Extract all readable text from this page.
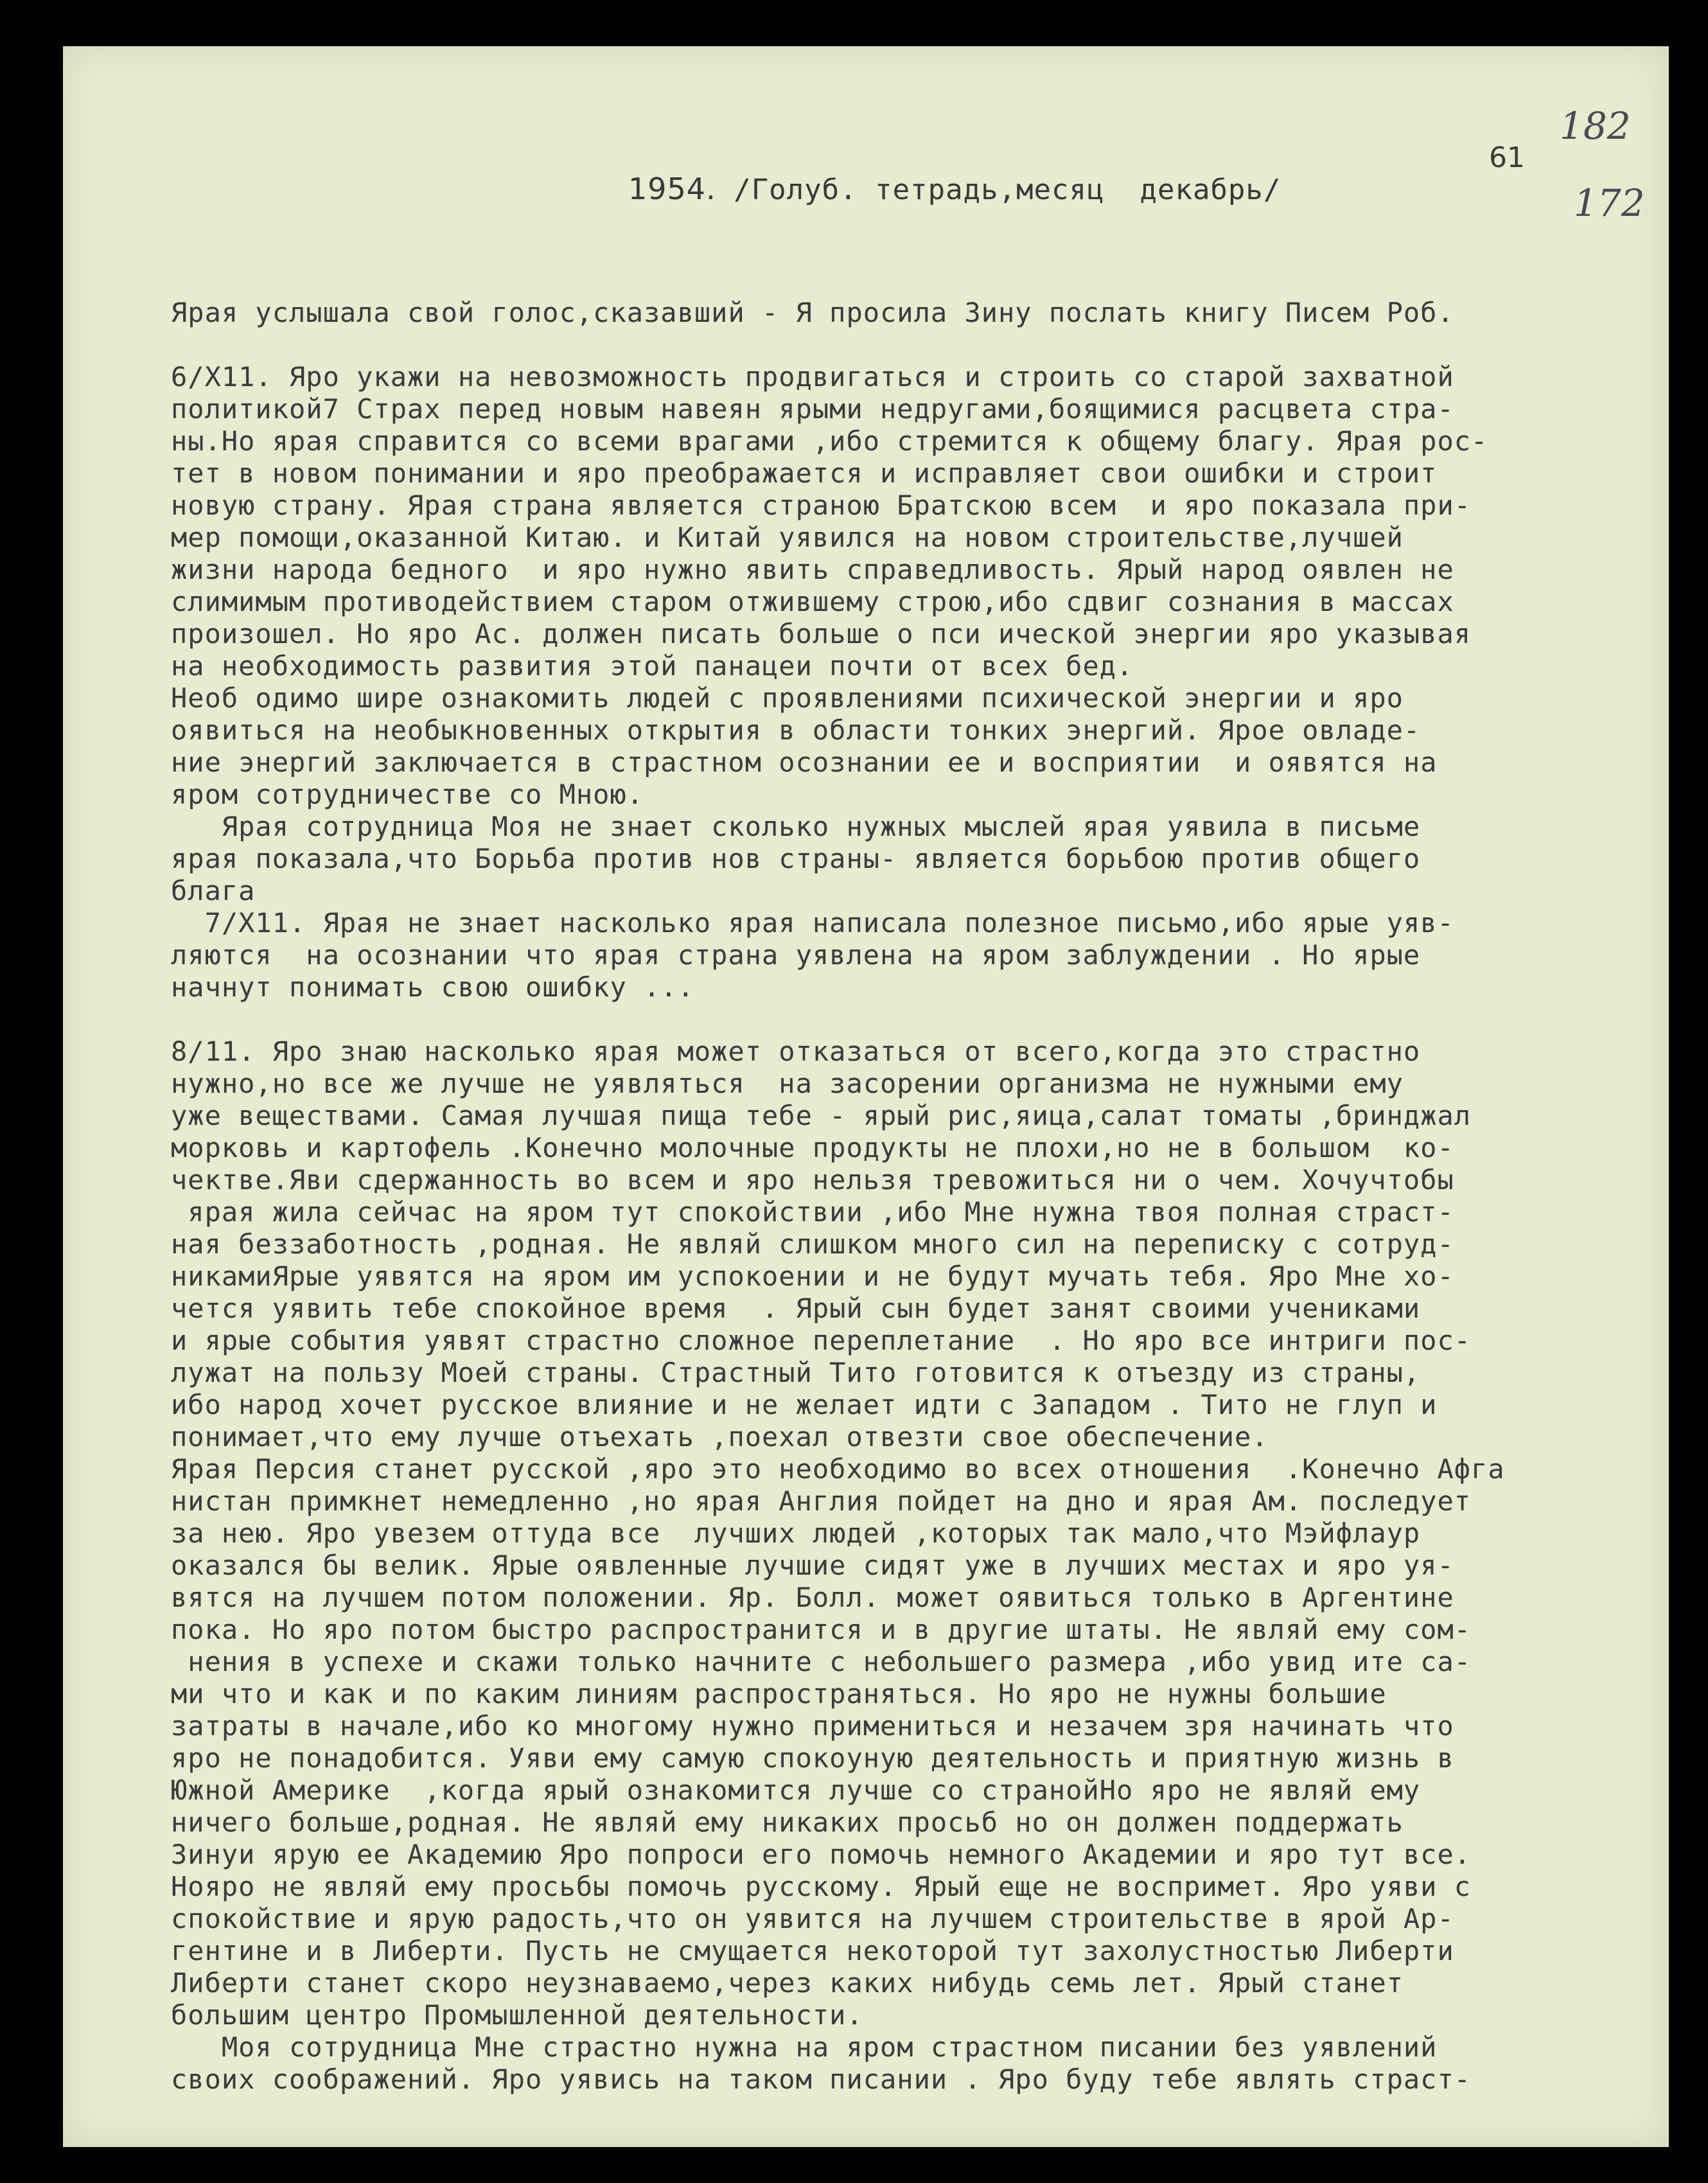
1954. /Голуб. тетрадь,месяц  декабрь/
61
182
172
Ярая услышала свой голос,сказавший - Я просила Зину послать книгу Писем Роб.
6/Х11. Яро укажи на невозможность продвигаться и строить со старой захватной
политикой7 Страх перед новым навеян ярыми недругами,боящимися расцвета стра-
ны.Но ярая справится со всеми врагами ,ибо стремится к общему благу. Ярая рос-
тет в новом понимании и яро преображается и исправляет свои ошибки и строит
новую страну. Ярая страна является страною Братскою всем  и яро показала при-
мер помощи,оказанной Китаю. и Китай уявился на новом строительстве,лучшей
жизни народа бедного  и яро нужно явить справедливость. Ярый народ оявлен не
слимимым противодействием старом отжившему строю,ибо сдвиг сознания в массах
произошел. Но яро Ас. должен писать больше о пси ической энергии яро указывая
на необходимость развития этой панацеи почти от всех бед.
Необ одимо шире ознакомить людей с проявлениями психической энергии и яро
оявиться на необыкновенных открытия в области тонких энергий. Ярое овладе-
ние энергий заключается в страстном осознании ее и восприятии  и оявятся на
яром сотрудничестве со Мною.
Ярая сотрудница Моя не знает сколько нужных мыслей ярая уявила в письме
ярая показала,что Борьба против нов страны- является борьбою против общего
блага
7/Х11. Ярая не знает насколько ярая написала полезное письмо,ибо ярые уяв-
ляются  на осознании что ярая страна уявлена на яром заблуждении . Но ярые
начнут понимать свою ошибку ...
8/11. Яро знаю насколько ярая может отказаться от всего,когда это страстно
нужно,но все же лучше не уявляться  на засорении организма не нужными ему
уже веществами. Самая лучшая пища тебе - ярый рис,яица,салат томаты ,бринджал
морковь и картофель .Конечно молочные продукты не плохи,но не в большом  ко-
чектве.Яви сдержанность во всем и яро нельзя тревожиться ни о чем. Хочучтобы
ярая жила сейчас на яром тут спокойствии ,ибо Мне нужна твоя полная страст-
ная беззаботность ,родная. Не являй слишком много сил на переписку с сотруд-
никамиЯрые уявятся на яром им успокоении и не будут мучать тебя. Яро Мне хо-
чется уявить тебе спокойное время  . Ярый сын будет занят своими учениками
и ярые события уявят страстно сложное переплетание  . Но яро все интриги пос-
лужат на пользу Моей страны. Страстный Тито готовится к отъезду из страны,
ибо народ хочет русское влияние и не желает идти с Западом . Тито не глуп и
понимает,что ему лучше отъехать ,поехал отвезти свое обеспечение.
Ярая Персия станет русской ,яро это необходимо во всех отношения  .Конечно Афга
нистан примкнет немедленно ,но ярая Англия пойдет на дно и ярая Ам. последует
за нею. Яро увезем оттуда все  лучших людей ,которых так мало,что Мэйфлаур
оказался бы велик. Ярые оявленные лучшие сидят уже в лучших местах и яро уя-
вятся на лучшем потом положении. Яр. Болл. может оявиться только в Аргентине
пока. Но яро потом быстро распространится и в другие штаты. Не являй ему сом-
нения в успехе и скажи только начните с небольшего размера ,ибо увид ите са-
ми что и как и по каким линиям распространяться. Но яро не нужны большие
затраты в начале,ибо ко многому нужно примениться и незачем зря начинать что
яро не понадобится. Уяви ему самую спокоуную деятельность и приятную жизнь в
Южной Америке  ,когда ярый ознакомится лучше со странойНо яро не являй ему
ничего больше,родная. Не являй ему никаких просьб но он должен поддержать
Зинуи ярую ее Академию Яро попроси его помочь немного Академии и яро тут все.
Ноярo не являй ему просьбы помочь русскому. Ярый еще не воспримет. Яро уяви с
спокойствие и ярую радость,что он уявится на лучшем строительстве в ярой Ар-
гентине и в Либерти. Пусть не смущается некоторой тут захолустностью Либерти
Либерти станет скоро неузнаваемо,через каких нибудь семь лет. Ярый станет
большим центро Промышленной деятельности.
Моя сотрудница Мне страстно нужна на яром страстном писании без уявлений
своих соображений. Яро уявись на таком писании . Яро буду тебе являть страст-
